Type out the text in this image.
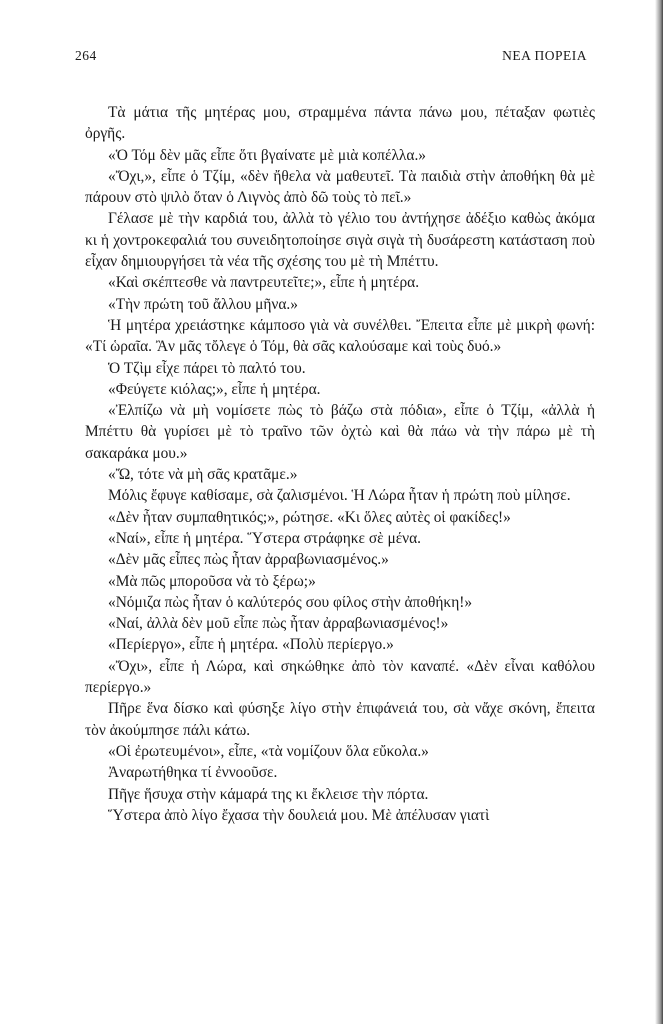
264	ΝΕΑ ΠΟΡΕΙΑ

Τὰ μάτια τῆς μητέρας μου, στραμμένα πάντα πάνω μου, πέταξαν φωτιὲς ὀργῆς.

«Ὁ Τόμ δὲν μᾶς εἶπε ὅτι βγαίνατε μὲ μιὰ κοπέλλα.»

«Ὄχι,», εἶπε ὁ Τζίμ, «δὲν ἤθελα νὰ μαθευτεῖ. Τὰ παιδιὰ στὴν ἀποθήκη θὰ μὲ πάρουν στὸ ψιλὸ ὅταν ὁ Λιγνὸς ἀπὸ δῶ τοὺς τὸ πεῖ.»

Γέλασε μὲ τὴν καρδιά του, ἀλλὰ τὸ γέλιο του ἀντήχησε ἀδέξιο καθὼς ἀκόμα κι ἡ χοντροκεφαλιά του συνειδητοποίησε σιγὰ σιγὰ τὴ δυσάρεστη κατάσταση ποὺ εἶχαν δημιουργήσει τὰ νέα τῆς σχέσης του μὲ τὴ Μπέττυ.

«Καὶ σκέπτεσθε νὰ παντρευτεῖτε;», εἶπε ἡ μητέρα.

«Τὴν πρώτη τοῦ ἄλλου μῆνα.»

Ἡ μητέρα χρειάστηκε κάμποσο γιὰ νὰ συνέλθει. Ἔπειτα εἶπε μὲ μικρὴ φωνή: «Τί ὡραῖα. Ἂν μᾶς τὄλεγε ὁ Τόμ, θὰ σᾶς καλούσαμε καὶ τοὺς δυό.»

Ὁ Τζὶμ εἶχε πάρει τὸ παλτό του.

«Φεύγετε κιόλας;», εἶπε ἡ μητέρα.

«Ἐλπίζω νὰ μὴ νομίσετε πὼς τὸ βάζω στὰ πόδια», εἶπε ὁ Τζίμ, «ἀλλὰ ἡ Μπέττυ θὰ γυρίσει μὲ τὸ τραῖνο τῶν ὀχτὼ καὶ θὰ πάω νὰ τὴν πάρω μὲ τὴ σακαράκα μου.»

«Ὤ, τότε νὰ μὴ σᾶς κρατᾶμε.»

Μόλις ἔφυγε καθίσαμε, σὰ ζαλισμένοι. Ἡ Λώρα ἦταν ἡ πρώτη ποὺ μίλησε.

«Δὲν ἦταν συμπαθητικός;», ρώτησε. «Κι ὅλες αὐτὲς οἱ φακίδες!»

«Ναί», εἶπε ἡ μητέρα. Ὕστερα στράφηκε σὲ μένα.

«Δὲν μᾶς εἶπες πὼς ἦταν ἀρραβωνιασμένος.»

«Μὰ πῶς μποροῦσα νὰ τὸ ξέρω;»

«Νόμιζα πὼς ἦταν ὁ καλύτερός σου φίλος στὴν ἀποθήκη!»

«Ναί, ἀλλὰ δὲν μοῦ εἶπε πὼς ἦταν ἀρραβωνιασμένος!»

«Περίεργο», εἶπε ἡ μητέρα. «Πολὺ περίεργο.»

«Ὄχι», εἶπε ἡ Λώρα, καὶ σηκώθηκε ἀπὸ τὸν καναπέ. «Δὲν εἶναι καθόλου περίεργο.»

Πῆρε ἕνα δίσκο καὶ φύσηξε λίγο στὴν ἐπιφάνειά του, σὰ νἄχε σκόνη, ἔπειτα τὸν ἀκούμπησε πάλι κάτω.

«Οἱ ἐρωτευμένοι», εἶπε, «τὰ νομίζουν ὅλα εὔκολα.»

Ἀναρωτήθηκα τί ἐννοοῦσε.

Πῆγε ἥσυχα στὴν κάμαρά της κι ἔκλεισε τὴν πόρτα.

Ὕστερα ἀπὸ λίγο ἔχασα τὴν δουλειά μου. Μὲ ἀπέλυσαν γιατὶ
